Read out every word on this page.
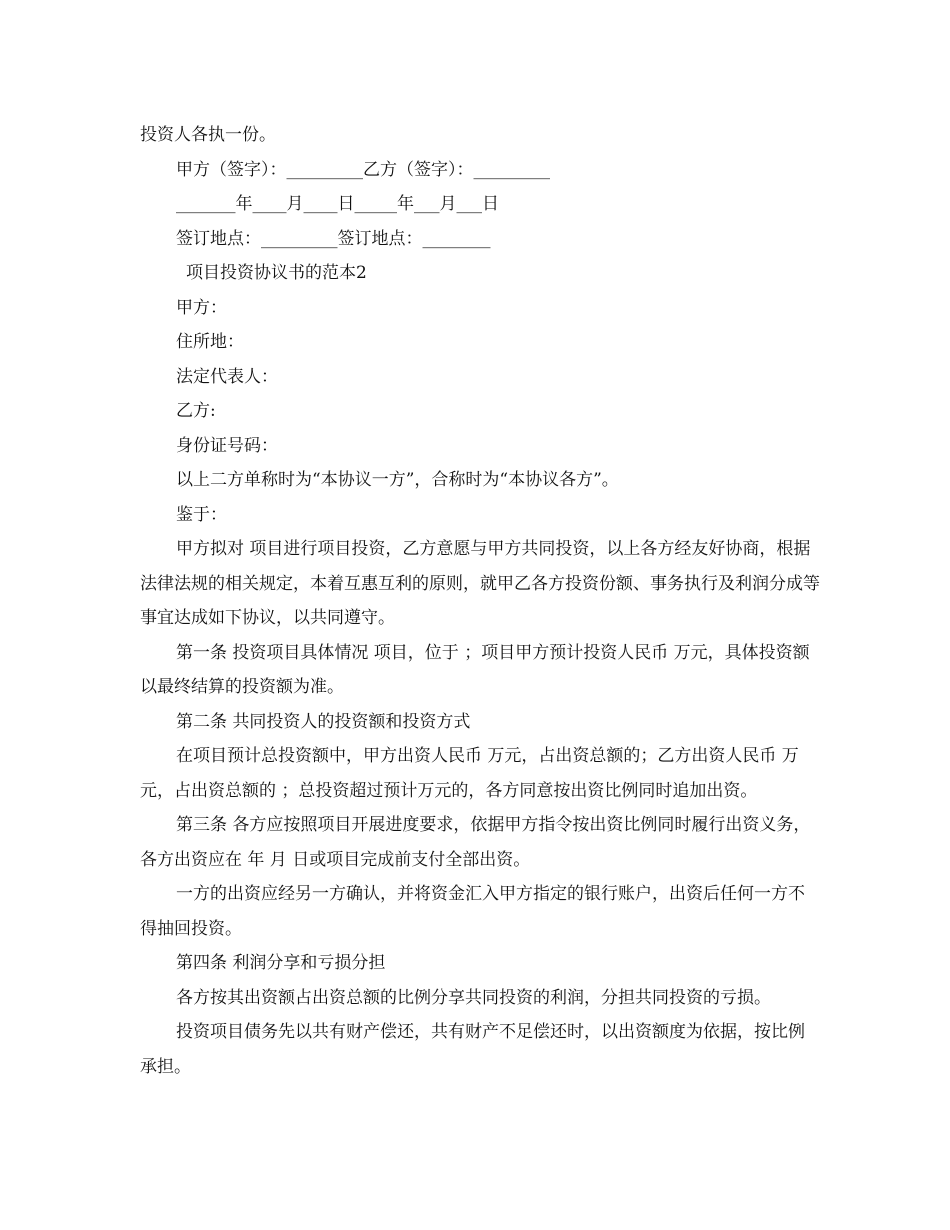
投资人各执一份。

甲方（签字）：_________乙方（签字）：_________

_______年____月____日_____年___月___日

签订地点：_________签订地点：________

项目投资协议书的范本2

甲方：

住所地：

法定代表人：

乙方:

身份证号码：

以上二方单称时为“本协议一方”，合称时为“本协议各方”。

鉴于：

甲方拟对 项目进行项目投资，乙方意愿与甲方共同投资，以上各方经友好协商，根据法律法规的相关规定，本着互惠互利的原则，就甲乙各方投资份额、事务执行及利润分成等事宜达成如下协议，以共同遵守。

第一条 投资项目具体情况 项目，位于 ；项目甲方预计投资人民币 万元，具体投资额以最终结算的投资额为准。

第二条 共同投资人的投资额和投资方式

在项目预计总投资额中，甲方出资人民币 万元，占出资总额的；乙方出资人民币 万元，占出资总额的 ；总投资超过预计万元的，各方同意按出资比例同时追加出资。

第三条 各方应按照项目开展进度要求，依据甲方指令按出资比例同时履行出资义务，各方出资应在 年 月 日或项目完成前支付全部出资。

一方的出资应经另一方确认，并将资金汇入甲方指定的银行账户，出资后任何一方不得抽回投资。

第四条 利润分享和亏损分担

各方按其出资额占出资总额的比例分享共同投资的利润，分担共同投资的亏损。

投资项目债务先以共有财产偿还，共有财产不足偿还时，以出资额度为依据，按比例承担。
